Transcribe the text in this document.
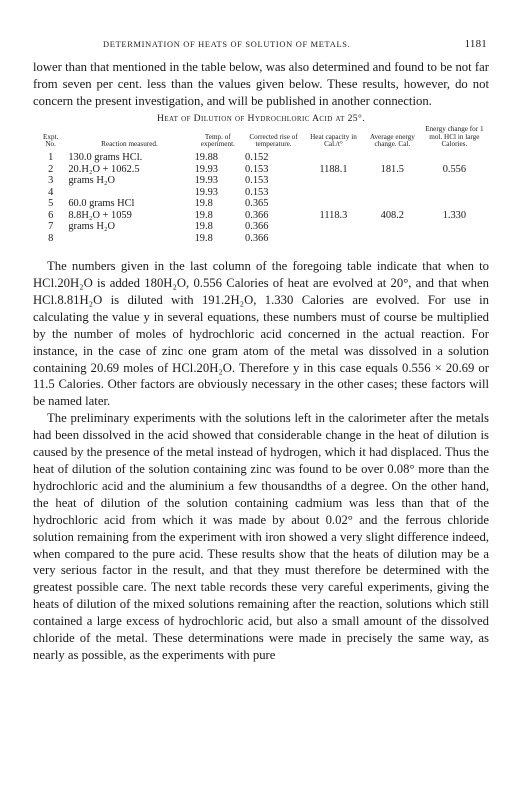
DETERMINATION OF HEATS OF SOLUTION OF METALS.	1181

lower than that mentioned in the table below, was also determined and found to be not far from seven per cent. less than the values given below. These results, however, do not concern the present investigation, and will be published in another connection.

Heat of Dilution of Hydrochloric Acid at 25°.
Expt. No.	Reaction measured.	Temp. of experiment.	Corrected rise of temperature.	Heat capacity in Cal./t°	Average energy change. Cal.	Energy change for 1 mol. HCl in large Calories.
1	130.0 grams HCl.	19.88	0.152			
2	20.H₂O + 1062.5	19.93	0.153	1188.1	181.5	0.556
3	grams H₂O	19.93	0.153			
4		19.93	0.153			
5	60.0 grams HCl	19.8	0.365			
6	8.8H₂O + 1059	19.8	0.366	1118.3	408.2	1.330
7	grams H₂O	19.8	0.366			
8		19.8	0.366			

The numbers given in the last column of the foregoing table indicate that when to HCl.20H₂O is added 180H₂O, 0.556 Calories of heat are evolved at 20°, and that when HCl.8.81H₂O is diluted with 191.2H₂O, 1.330 Calories are evolved. For use in calculating the value y in several equations, these numbers must of course be multiplied by the number of moles of hydrochloric acid concerned in the actual reaction. For instance, in the case of zinc one gram atom of the metal was dissolved in a solution containing 20.69 moles of HCl.20H₂O. Therefore y in this case equals 0.556 × 20.69 or 11.5 Calories. Other factors are obviously necessary in the other cases; these factors will be named later.

The preliminary experiments with the solutions left in the calorimeter after the metals had been dissolved in the acid showed that considerable change in the heat of dilution is caused by the presence of the metal instead of hydrogen, which it had displaced. Thus the heat of dilution of the solution containing zinc was found to be over 0.08° more than the hydrochloric acid and the aluminium a few thousandths of a degree. On the other hand, the heat of dilution of the solution containing cadmium was less than that of the hydrochloric acid from which it was made by about 0.02° and the ferrous chloride solution remaining from the experiment with iron showed a very slight difference indeed, when compared to the pure acid. These results show that the heats of dilution may be a very serious factor in the result, and that they must therefore be determined with the greatest possible care. The next table records these very careful experiments, giving the heats of dilution of the mixed solutions remaining after the reaction, solutions which still contained a large excess of hydrochloric acid, but also a small amount of the dissolved chloride of the metal. These determinations were made in precisely the same way, as nearly as possible, as the experiments with pure
